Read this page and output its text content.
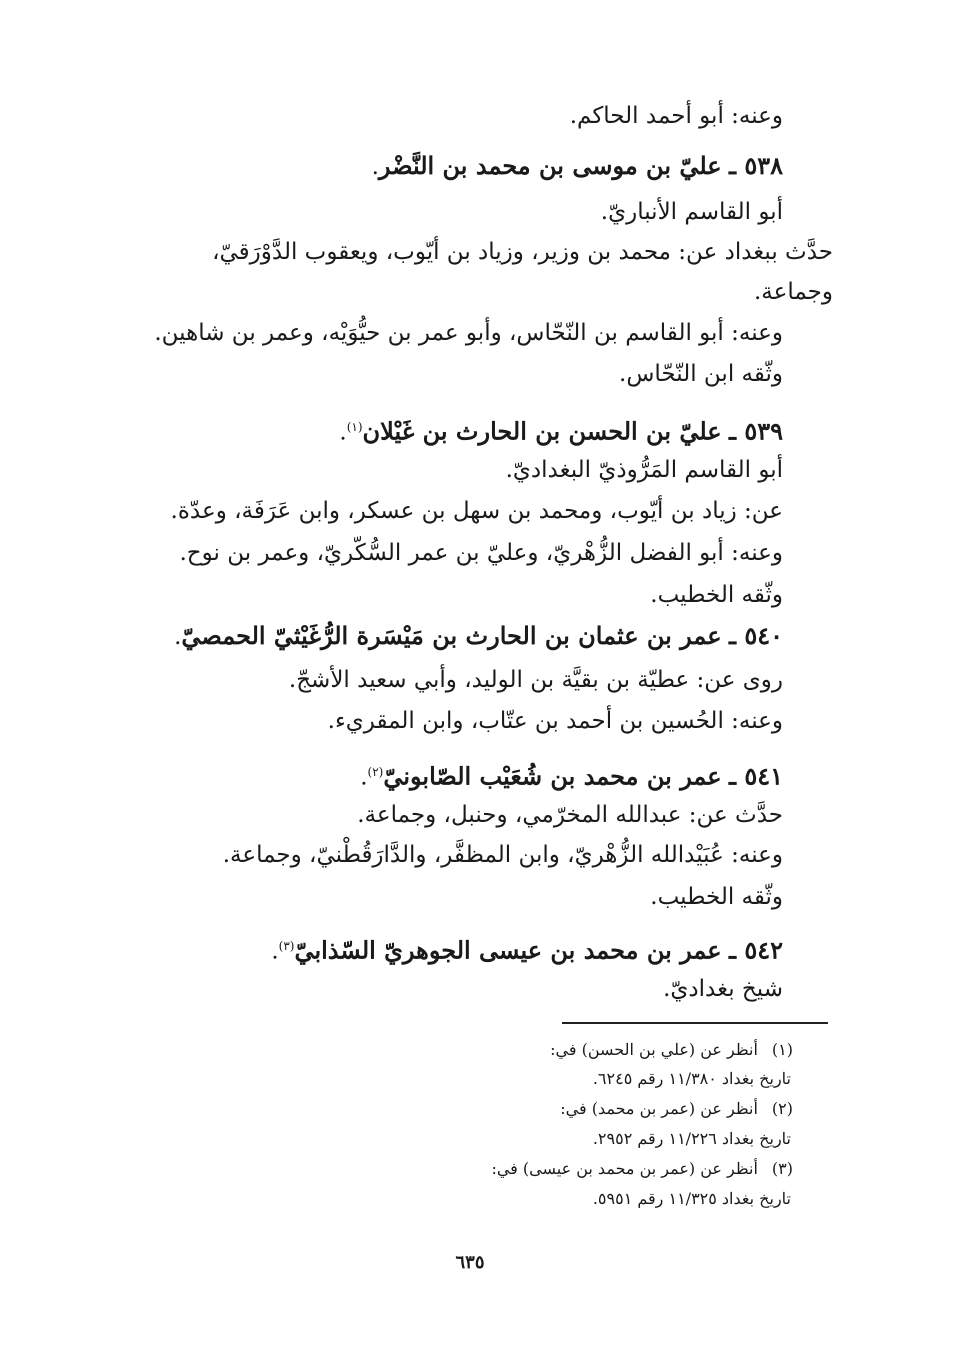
وعنه: أبو أحمد الحاكم.
٥٣٨ ـ عليّ بن موسى بن محمد بن النَّضْر.
أبو القاسم الأنباريّ.
حدَّث ببغداد عن: محمد بن وزير، وزياد بن أيّوب، ويعقوب الدَّوْرَقيّ،
وجماعة.
وعنه: أبو القاسم بن النّحّاس، وأبو عمر بن حيُّوَيْه، وعمر بن شاهين.
وثّقه ابن النّحّاس.
٥٣٩ ـ عليّ بن الحسن بن الحارث بن غَيْلان$^{(١)}$.
أبو القاسم المَرُّوذيّ البغداديّ.
عن: زياد بن أيّوب، ومحمد بن سهل بن عسكر، وابن عَرَفَة، وعدّة.
وعنه: أبو الفضل الزُّهْريّ، وعليّ بن عمر السُّكّريّ، وعمر بن نوح.
وثّقه الخطيب.
٥٤٠ ـ عمر بن عثمان بن الحارث بن مَيْسَرة الرُّغَيْثيّ الحمصيّ.
روى عن: عطيّة بن بقيَّة بن الوليد، وأبي سعيد الأشجّ.
وعنه: الحُسين بن أحمد بن عتّاب، وابن المقريء.
٥٤١ ـ عمر بن محمد بن شُعَيْب الصّابونيّ$^{(٢)}$.
حدَّث عن: عبدالله المخرّمي، وحنبل، وجماعة.
وعنه: عُبَيْدالله الزُّهْريّ، وابن المظفَّر، والدَّارَقُطْنيّ، وجماعة.
وثّقه الخطيب.
٥٤٢ ـ عمر بن محمد بن عيسى الجوهريّ السّذابيّ$^{(٣)}$.
شيخ بغداديّ.
(١)أنظر عن (علي بن الحسن) في:
تاريخ بغداد ١١/٣٨٠ رقم ٦٢٤٥.
(٢)أنظر عن (عمر بن محمد) في:
تاريخ بغداد ١١/٢٢٦ رقم ٢٩٥٢.
(٣)أنظر عن (عمر بن محمد بن عيسى) في:
تاريخ بغداد ١١/٣٢٥ رقم ٥٩٥١.
٦٣٥
